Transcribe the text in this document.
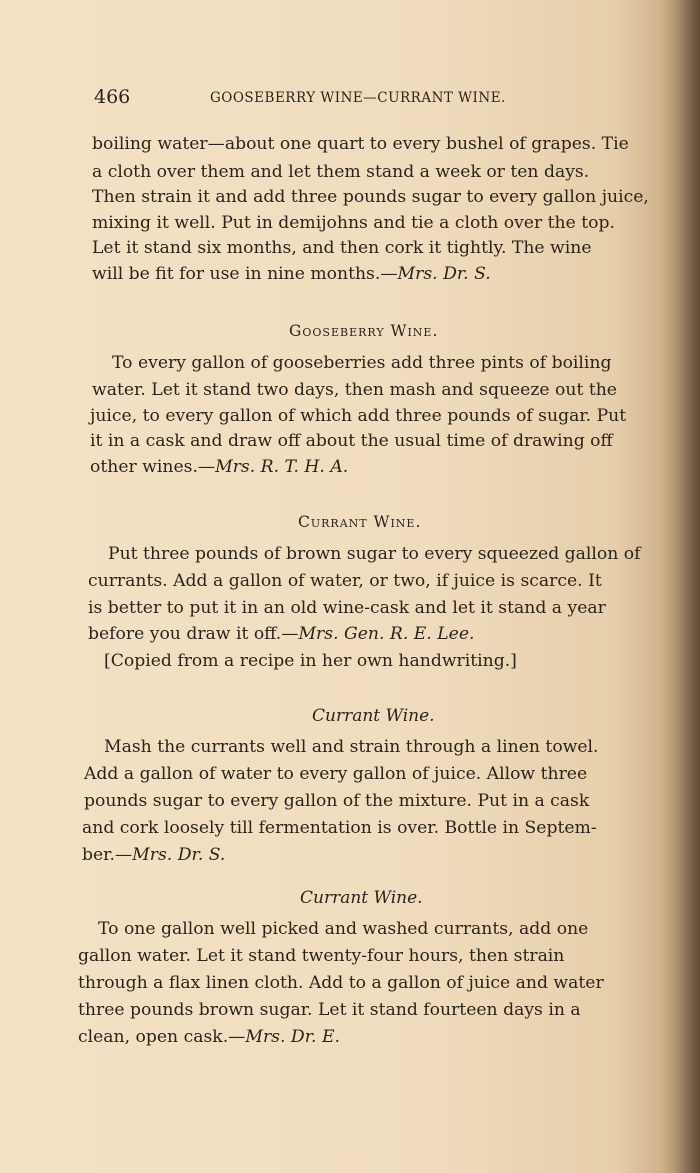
466	GOOSEBERRY WINE—CURRANT WINE.
boiling water—about one quart to every bushel of grapes. Tie
a cloth over them and let them stand a week or ten days.
Then strain it and add three pounds sugar to every gallon juice,
mixing it well. Put in demijohns and tie a cloth over the top.
Let it stand six months, and then cork it tightly. The wine
will be fit for use in nine months.—Mrs. Dr. S.
Gooseberry Wine.
To every gallon of gooseberries add three pints of boiling
water. Let it stand two days, then mash and squeeze out the
juice, to every gallon of which add three pounds of sugar. Put
it in a cask and draw off about the usual time of drawing off
other wines.—Mrs. R. T. H. A.
Currant Wine.
Put three pounds of brown sugar to every squeezed gallon of
currants. Add a gallon of water, or two, if juice is scarce. It
is better to put it in an old wine-cask and let it stand a year
before you draw it off.—Mrs. Gen. R. E. Lee.
[Copied from a recipe in her own handwriting.]
Currant Wine.
Mash the currants well and strain through a linen towel.
Add a gallon of water to every gallon of juice. Allow three
pounds sugar to every gallon of the mixture. Put in a cask
and cork loosely till fermentation is over. Bottle in Septem-
ber.—Mrs. Dr. S.
Currant Wine.
To one gallon well picked and washed currants, add one
gallon water. Let it stand twenty-four hours, then strain
through a flax linen cloth. Add to a gallon of juice and water
three pounds brown sugar. Let it stand fourteen days in a
clean, open cask.—Mrs. Dr. E.
